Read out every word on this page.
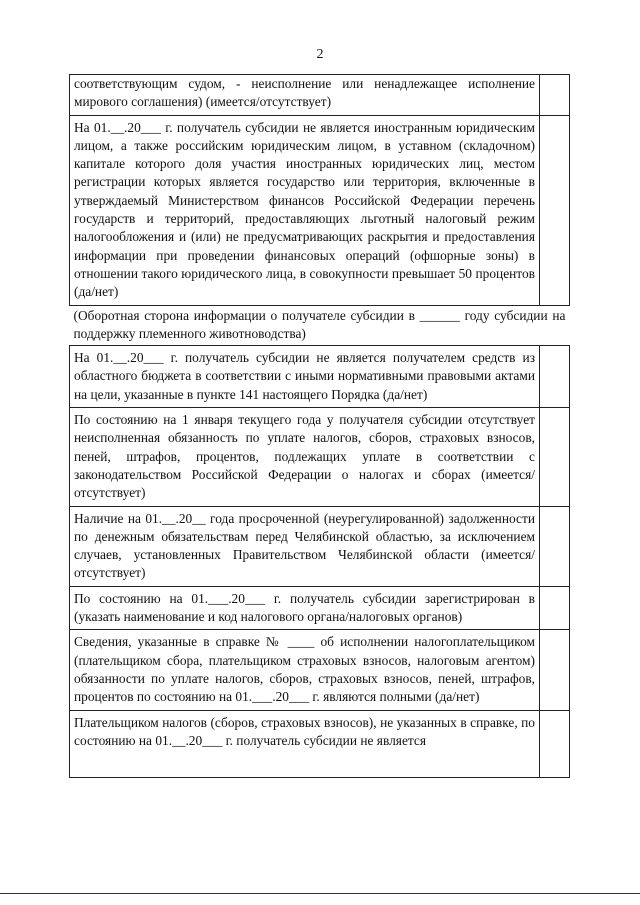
2
соответствующим судом, - неисполнение или ненадлежащее исполнение мирового соглашения) (имеется/отсутствует)	
На 01.__.20___ г. получатель субсидии не является иностранным юридическим лицом, а также российским юридическим лицом, в уставном (складочном) капитале которого доля участия иностранных юридических лиц, местом регистрации которых является государство или территория, включенные в утверждаемый Министерством финансов Российской Федерации перечень государств и территорий, предоставляющих льготный налоговый режим налогообложения и (или) не предусматривающих раскрытия и предоставления информации при проведении финансовых операций (офшорные зоны) в отношении такого юридического лица, в совокупности превышает 50 процентов (да/нет)	
(Оборотная сторона информации о получателе субсидии в ______ году субсидии на поддержку племенного животноводства)	
На 01.__.20___ г. получатель субсидии не является получателем средств из областного бюджета в соответствии с иными нормативными правовыми актами на цели, указанные в пункте 141 настоящего Порядка (да/нет)	
По состоянию на 1 января текущего года у получателя субсидии отсутствует неисполненная обязанность по уплате налогов, сборов, страховых взносов, пеней, штрафов, процентов, подлежащих уплате в соответствии с законодательством Российской Федерации о налогах и сборах (имеется/отсутствует)	
Наличие на 01.__.20__ года просроченной (неурегулированной) задолженности по денежным обязательствам перед Челябинской областью, за исключением случаев, установленных Правительством Челябинской области (имеется/отсутствует)	
По состоянию на 01.___.20___ г. получатель субсидии зарегистрирован в (указать наименование и код налогового органа/налоговых органов)	
Сведения, указанные в справке № ____ об исполнении налогоплательщиком (плательщиком сбора, плательщиком страховых взносов, налоговым агентом) обязанности по уплате налогов, сборов, страховых взносов, пеней, штрафов, процентов по состоянию на 01.___.20___ г. являются полными (да/нет)	
Плательщиком налогов (сборов, страховых взносов), не указанных в справке, по состоянию на 01.__.20___ г. получатель субсидии не является	
